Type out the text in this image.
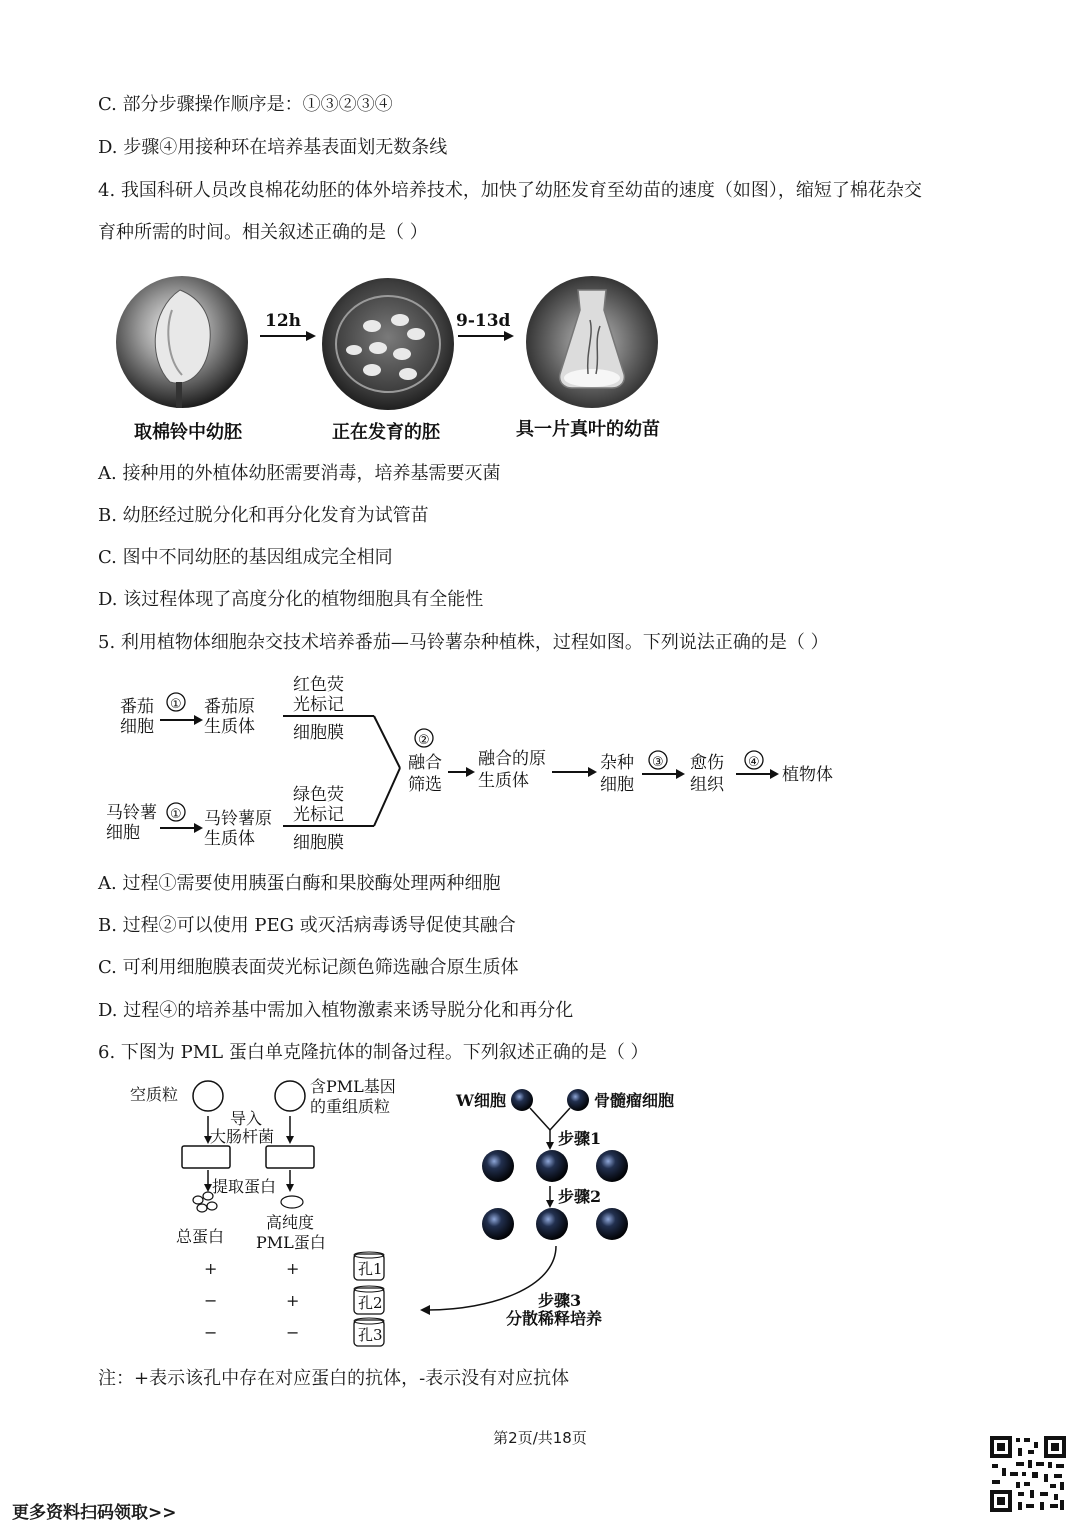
C. 部分步骤操作顺序是：①③②③④
D. 步骤④用接种环在培养基表面划无数条线
4. 我国科研人员改良棉花幼胚的体外培养技术，加快了幼胚发育至幼苗的速度（如图），缩短了棉花杂交
育种所需的时间。相关叙述正确的是（ ）
12h	9-13d
取棉铃中幼胚	正在发育的胚	具一片真叶的幼苗
A. 接种用的外植体幼胚需要消毒，培养基需要灭菌
B. 幼胚经过脱分化和再分化发育为试管苗
C. 图中不同幼胚的基因组成完全相同
D. 该过程体现了高度分化的植物细胞具有全能性
5. 利用植物体细胞杂交技术培养番茄—马铃薯杂种植株，过程如图。下列说法正确的是（ ）
番茄
细胞
① 番茄原
生质体
红色荧
光标记
细胞膜
马铃薯
细胞
① 马铃薯原
生质体
绿色荧
光标记
细胞膜
②
融合
筛选
融合的原
生质体
杂种
细胞
③ 愈伤
组织
④
植物体
A. 过程①需要使用胰蛋白酶和果胶酶处理两种细胞
B. 过程②可以使用 PEG 或灭活病毒诱导促使其融合
C. 可利用细胞膜表面荧光标记颜色筛选融合原生质体
D. 过程④的培养基中需加入植物激素来诱导脱分化和再分化
6. 下图为 PML 蛋白单克隆抗体的制备过程。下列叙述正确的是（ ）
空质粒	含PML基因
的重组质粒
导入
大肠杆菌
提取蛋白
总蛋白
高纯度
PML蛋白
+	+
−	+
−	−
孔1
孔2
孔3
W细胞	骨髓瘤细胞
步骤1
步骤2
步骤3
分散稀释培养
注：+表示该孔中存在对应蛋白的抗体，-表示没有对应抗体
第2页/共18页
更多资料扫码领取>>
